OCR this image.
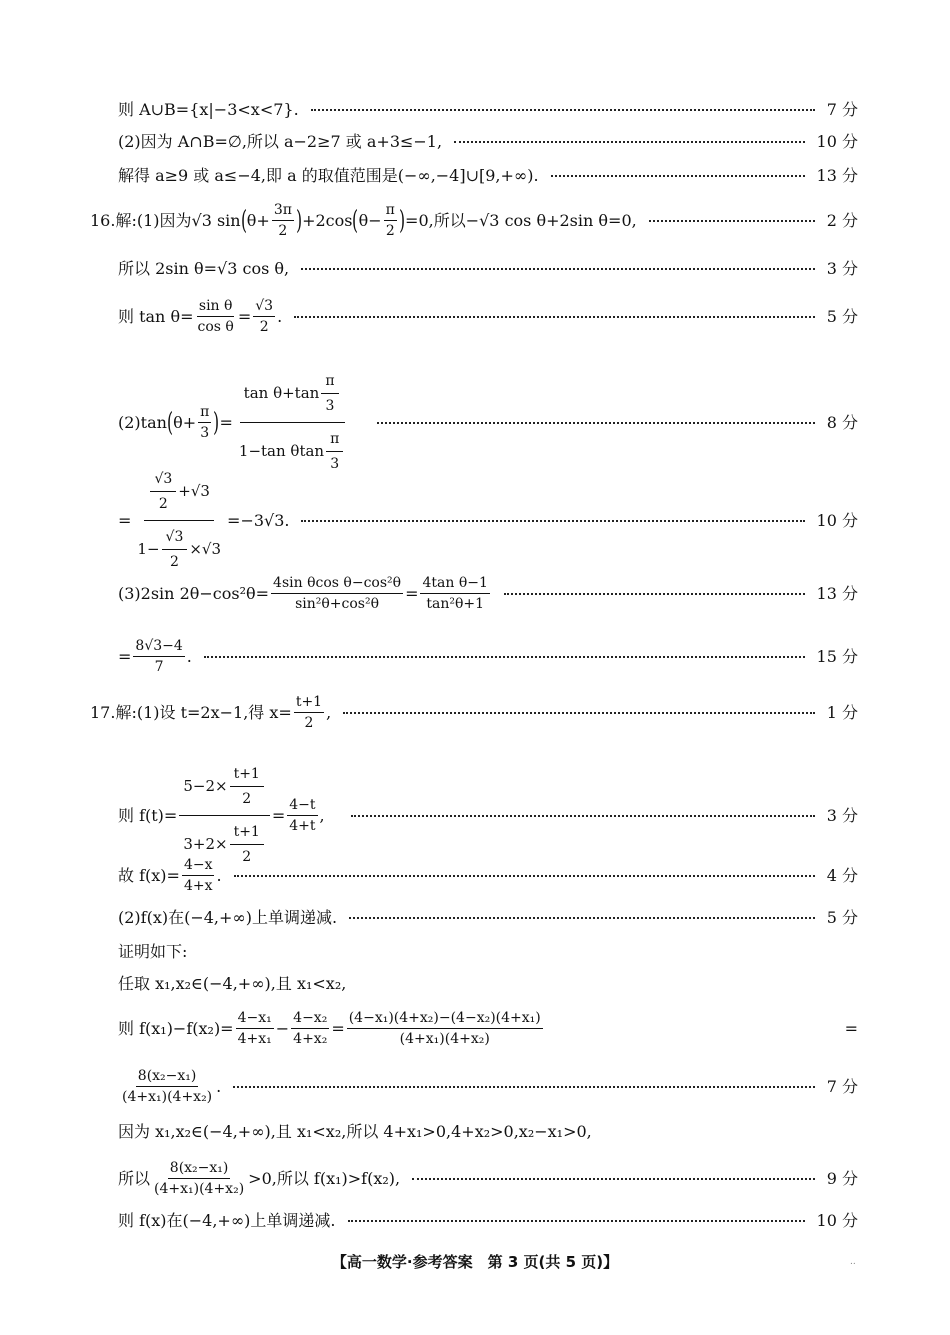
则 A∪B={x|−3<x<7}.	7 分
(2)因为 A∩B=∅,所以 a−2≥7 或 a+3≤−1,	10 分
解得 a≥9 或 a≤−4,即 a 的取值范围是(−∞,−4]∪[9,+∞).	13 分
16.解:(1)因为√3 sin ( $\theta+ \frac{3\pi}{2}$ ) +2cos ( $\theta- \frac{\pi}{2}$ ) =0,所以−√3 cos θ+2sin θ=0,	2 分
所以 2sin θ=√3 cos θ,	3 分
则 $\tan \theta= \frac{\text{sin θ}}{\text{cos θ}} = \frac{√3}{2}$ .	5 分
(2)tan ( $\theta+ \frac{\pi}{3}$ ) = $\frac{\tan \theta+\tan \frac{\pi}{3}}{1-\tan \theta\tan \frac{\pi}{3}}$	8 分
= $\frac{\frac{√3}{2} +√3}{1- \frac{√3}{2} \times√3} =-3√3$.	10 分
(3)2sin $2\theta-\cos^2\theta= \frac{\text{4sin θcos θ−cos²θ}}{\text{sin²θ+cos²θ}} = \frac{\text{4tan θ−1}}{\text{tan²θ+1}}$	13 分
= $\frac{8√3-4}{7}$ .	15 分
17.解:(1)设 t=2x−1,得 $x= \frac{t+1}{2}$ ,	1 分
则 $f(t)= \frac{5-2\times \frac{t+1}{2}}{3+2\times \frac{t+1}{2}} = \frac{4-t}{4+t}$ ,	3 分
故 $f(x)= \frac{4-x}{4+x}$ .	4 分
(2)f(x)在(−4,+∞)上单调递减.	5 分
证明如下:
任取 x₁,x₂∈(−4,+∞),且 x₁<x₂,
则 $f(x_1)-f(x_2)= \frac{\text{4−x₁}}{\text{4+x₁}} - \frac{\text{4−x₂}}{\text{4+x₂}} = \frac{\text{(4−x₁)(4+x₂)−(4−x₂)(4+x₁)}}{\text{(4+x₁)(4+x₂)}}$	=
$\frac{\text{8(x₂−x₁)}}{\text{(4+x₁)(4+x₂)}}$ .	7 分
因为 x₁,x₂∈(−4,+∞),且 x₁<x₂,所以 4+x₁>0,4+x₂>0,x₂−x₁>0,
所以 $\frac{\text{8(x₂−x₁)}}{\text{(4+x₁)(4+x₂)}} >0$,所以 f(x₁)>f(x₂),	9 分
则 f(x)在(−4,+∞)上单调递减.	10 分
【高一数学·参考答案　第 3 页(共 5 页)】	..
